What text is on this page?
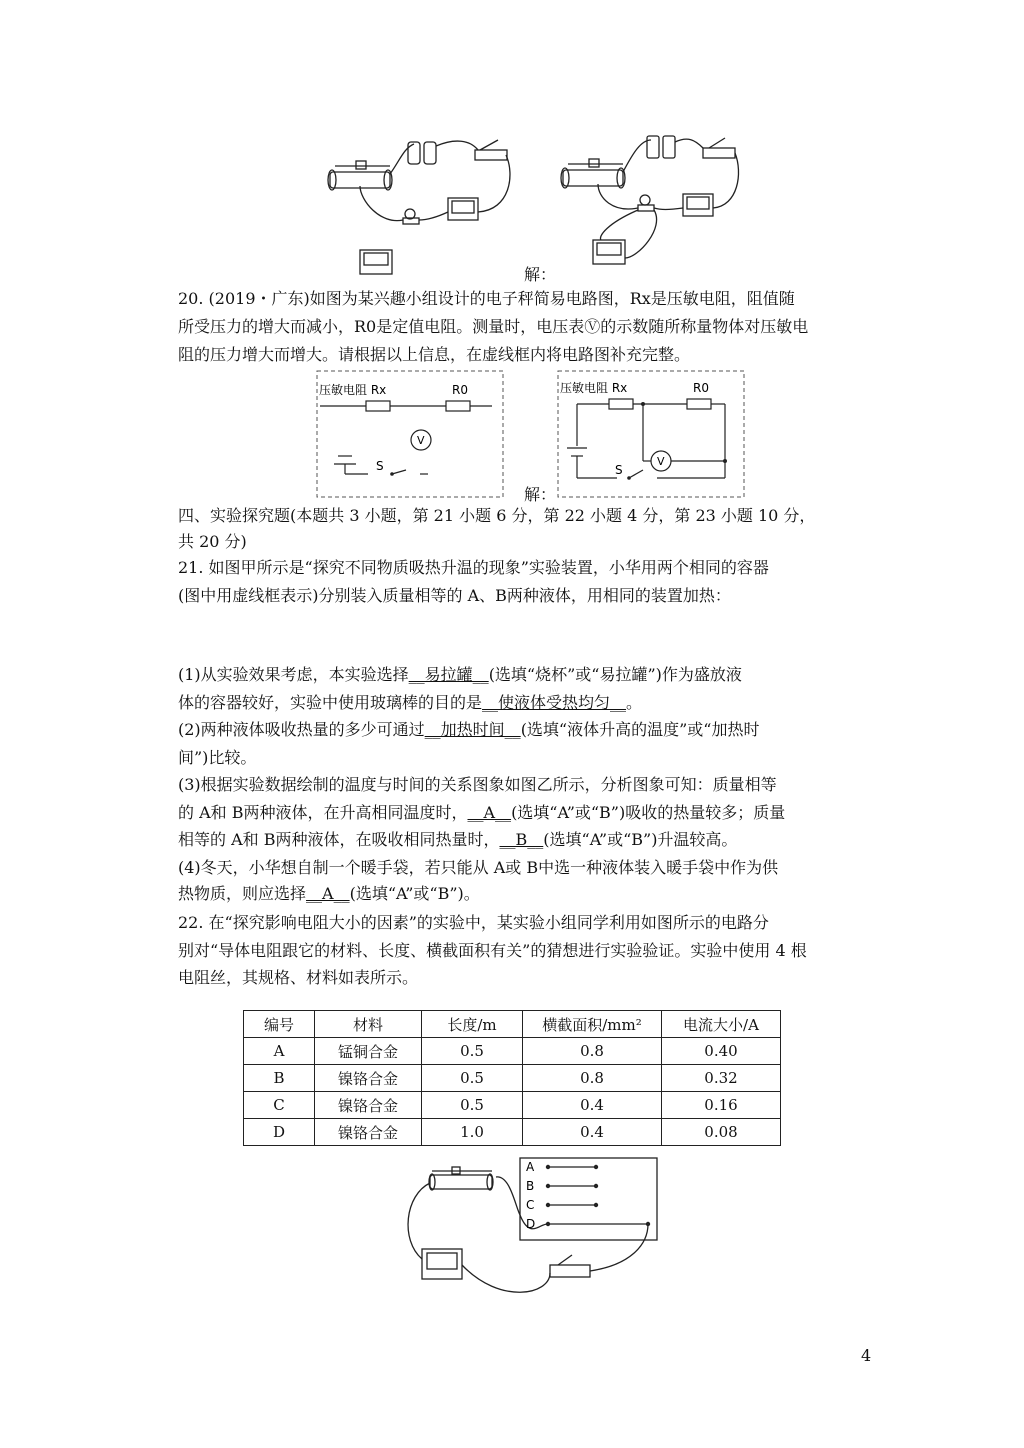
解：
20. (2019・广东)如图为某兴趣小组设计的电子秤简易电路图，Rx是压敏电阻，阻值随
所受压力的增大而减小，R0是定值电阻。测量时，电压表Ⓥ的示数随所称量物体对压敏电
阻的压力增大而增大。请根据以上信息，在虚线框内将电路图补充完整。
压敏电阻 Rx	R0
V
S
解：
压敏电阻 Rx	R0
V
S
四、实验探究题(本题共 3 小题，第 21 小题 6 分，第 22 小题 4 分，第 23 小题 10 分，
共 20 分)
21. 如图甲所示是“探究不同物质吸热升温的现象”实验装置，小华用两个相同的容器
(图中用虚线框表示)分别装入质量相等的 A、B两种液体，用相同的装置加热：
(1)从实验效果考虑，本实验选择__易拉罐__(选填“烧杯”或“易拉罐”)作为盛放液
体的容器较好，实验中使用玻璃棒的目的是__使液体受热均匀__。
(2)两种液体吸收热量的多少可通过__加热时间__(选填“液体升高的温度”或“加热时
间”)比较。
(3)根据实验数据绘制的温度与时间的关系图象如图乙所示，分析图象可知：质量相等
的 A和 B两种液体，在升高相同温度时，__A__(选填“A”或“B”)吸收的热量较多；质量
相等的 A和 B两种液体，在吸收相同热量时，__B__(选填“A”或“B”)升温较高。
(4)冬天，小华想自制一个暖手袋，若只能从 A或 B中选一种液体装入暖手袋中作为供
热物质，则应选择__A__(选填“A”或“B”)。
22. 在“探究影响电阻大小的因素”的实验中，某实验小组同学利用如图所示的电路分
别对“导体电阻跟它的材料、长度、横截面积有关”的猜想进行实验验证。实验中使用 4 根
电阻丝，其规格、材料如表所示。
编号	材料	长度/m	横截面积/mm²	电流大小/A
A	锰铜合金	0.5	0.8	0.40
B	镍铬合金	0.5	0.8	0.32
C	镍铬合金	0.5	0.4	0.16
D	镍铬合金	1.0	0.4	0.08
A
B
C
D
4
